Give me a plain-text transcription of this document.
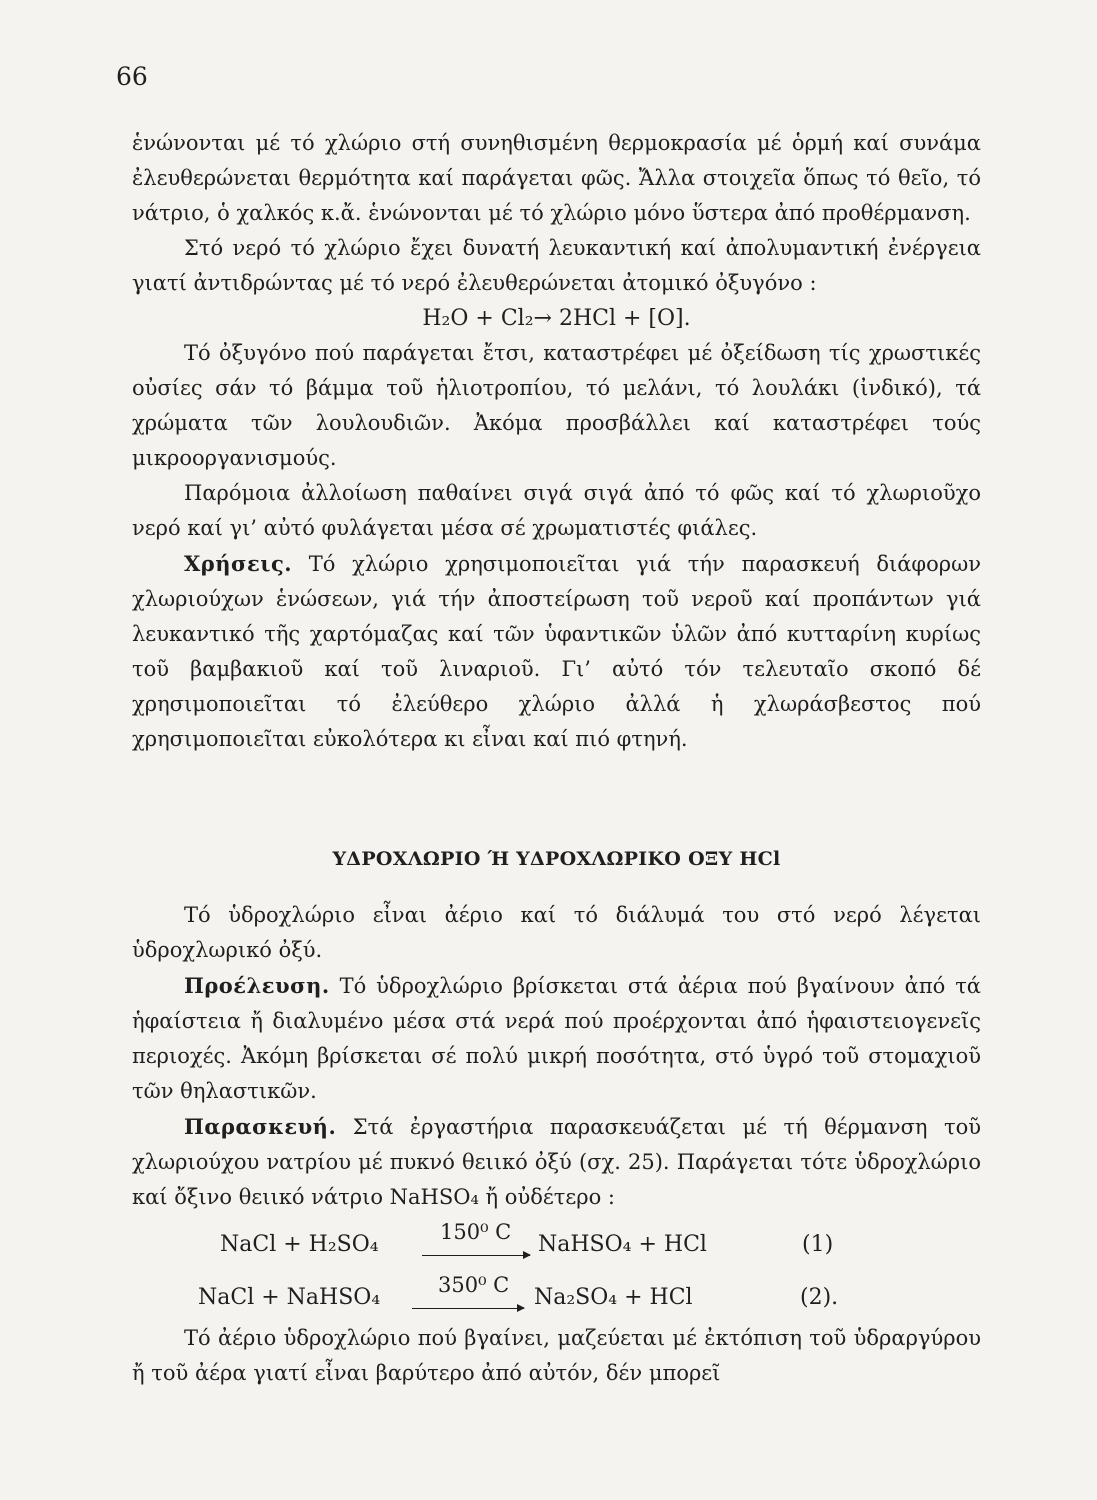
66

ἑνώνονται μέ τό χλώριο στή συνηθισμένη θερμοκρασία μέ ὁρμή καί συνάμα ἐλευθερώνεται θερμότητα καί παράγεται φῶς. Ἄλλα στοιχεῖα ὅπως τό θεῖο, τό νάτριο, ὁ χαλκός κ.ἄ. ἑνώνονται μέ τό χλώριο μόνο ὕστερα ἀπό προθέρμανση.

Στό νερό τό χλώριο ἔχει δυνατή λευκαντική καί ἀπολυμαντική ἐνέργεια γιατί ἀντιδρώντας μέ τό νερό ἐλευθερώνεται ἀτομικό ὀξυγόνο :

H₂O + Cl₂→ 2HCl + [O].

Τό ὀξυγόνο πού παράγεται ἔτσι, καταστρέφει μέ ὀξείδωση τίς χρωστικές οὐσίες σάν τό βάμμα τοῦ ἡλιοτροπίου, τό μελάνι, τό λουλάκι (ἰνδικό), τά χρώματα τῶν λουλουδιῶν. Ἀκόμα προσβάλλει καί καταστρέφει τούς μικροοργανισμούς.

Παρόμοια ἀλλοίωση παθαίνει σιγά σιγά ἀπό τό φῶς καί τό χλωριοῦχο νερό καί γι’ αὐτό φυλάγεται μέσα σέ χρωματιστές φιάλες.

Χρήσεις. Τό χλώριο χρησιμοποιεῖται γιά τήν παρασκευή διάφορων χλωριούχων ἑνώσεων, γιά τήν ἀποστείρωση τοῦ νεροῦ καί προπάντων γιά λευκαντικό τῆς χαρτόμαζας καί τῶν ὑφαντικῶν ὑλῶν ἀπό κυτταρίνη κυρίως τοῦ βαμβακιοῦ καί τοῦ λιναριοῦ. Γι’ αὐτό τόν τελευταῖο σκοπό δέ χρησιμοποιεῖται τό ἐλεύθερο χλώριο ἀλλά ἡ χλωράσβεστος πού χρησιμοποιεῖται εὐκολότερα κι εἶναι καί πιό φτηνή.

ΥΔΡΟΧΛΩΡΙΟ Ή ΥΔΡΟΧΛΩΡΙΚΟ ΟΞΥ HCl

Τό ὑδροχλώριο εἶναι ἀέριο καί τό διάλυμά του στό νερό λέγεται ὑδροχλωρικό ὀξύ.

Προέλευση. Τό ὑδροχλώριο βρίσκεται στά ἀέρια πού βγαίνουν ἀπό τά ἡφαίστεια ἤ διαλυμένο μέσα στά νερά πού προέρχονται ἀπό ἡφαιστειογενεῖς περιοχές. Ἀκόμη βρίσκεται σέ πολύ μικρή ποσότητα, στό ὑγρό τοῦ στομαχιοῦ τῶν θηλαστικῶν.

Παρασκευή. Στά ἐργαστήρια παρασκευάζεται μέ τή θέρμανση τοῦ χλωριούχου νατρίου μέ πυκνό θειικό ὀξύ (σχ. 25). Παράγεται τότε ὑδροχλώριο καί ὄξινο θειικό νάτριο NaHSO₄ ἤ οὐδέτερο :

NaCl + H₂SO₄	150⁰ C NaHSO₄ + HCl	(1)
NaCl + NaHSO₄	350⁰ C Na₂SO₄ + HCl	(2).

Τό ἀέριο ὑδροχλώριο πού βγαίνει, μαζεύεται μέ ἐκτόπιση τοῦ ὑδραργύρου ἤ τοῦ ἀέρα γιατί εἶναι βαρύτερο ἀπό αὐτόν, δέν μπορεῖ
